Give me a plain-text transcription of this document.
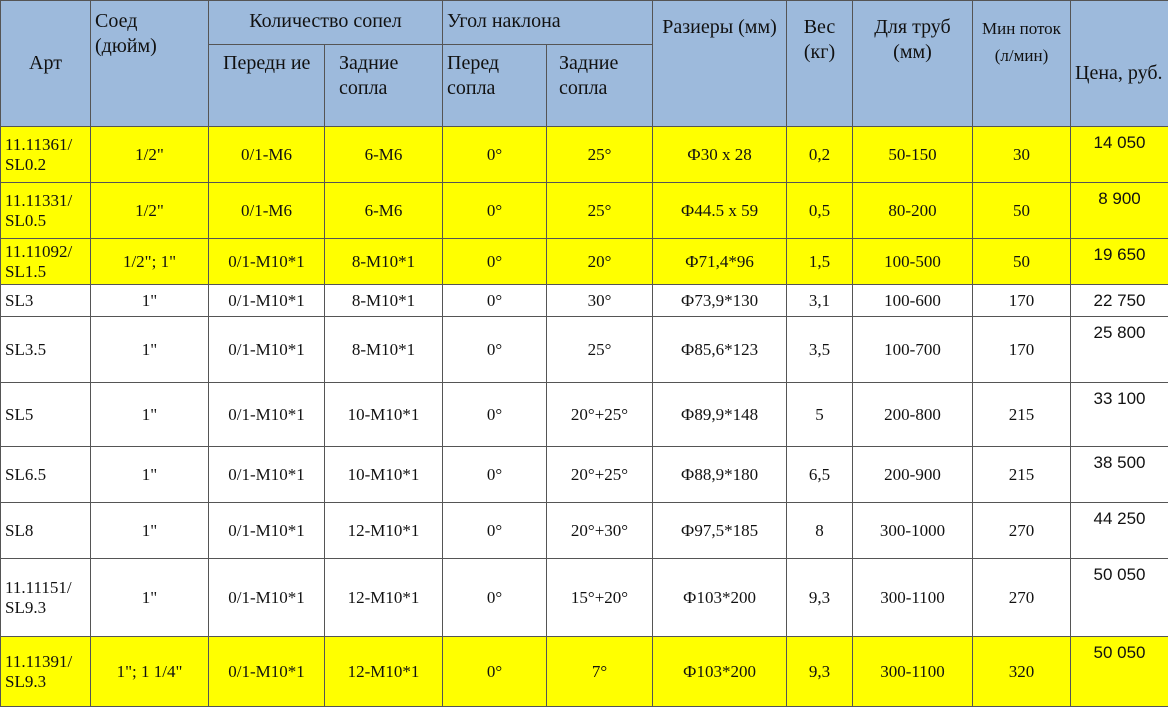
Арт	Соед (дюйм)	Количество сопел		Угол наклона		Разиеры (мм)	Вес (кг)	Для труб (мм)	Мин поток (л/мин)	Цена, руб.
		Передн ие	Задние сопла	Перед сопла	Задние сопла					
11.11361/ SL0.2	1/2"	0/1-M6	6-M6	0°	25°	Ф30 х 28	0,2	50-150	30	14 050
11.11331/ SL0.5	1/2"	0/1-M6	6-M6	0°	25°	Ф44.5 х 59	0,5	80-200	50	8 900
11.11092/ SL1.5	1/2"; 1"	0/1-M10*1	8-M10*1	0°	20°	Ф71,4*96	1,5	100-500	50	19 650
SL3	1"	0/1-M10*1	8-M10*1	0°	30°	Ф73,9*130	3,1	100-600	170	22 750
SL3.5	1"	0/1-M10*1	8-M10*1	0°	25°	Ф85,6*123	3,5	100-700	170	25 800
SL5	1"	0/1-M10*1	10-M10*1	0°	20°+25°	Ф89,9*148	5	200-800	215	33 100
SL6.5	1"	0/1-M10*1	10-M10*1	0°	20°+25°	Ф88,9*180	6,5	200-900	215	38 500
SL8	1"	0/1-M10*1	12-M10*1	0°	20°+30°	Ф97,5*185	8	300-1000	270	44 250
11.11151/ SL9.3	1"	0/1-M10*1	12-M10*1	0°	15°+20°	Ф103*200	9,3	300-1100	270	50 050
11.11391/ SL9.3	1"; 1 1/4"	0/1-M10*1	12-M10*1	0°	7°	Ф103*200	9,3	300-1100	320	50 050
